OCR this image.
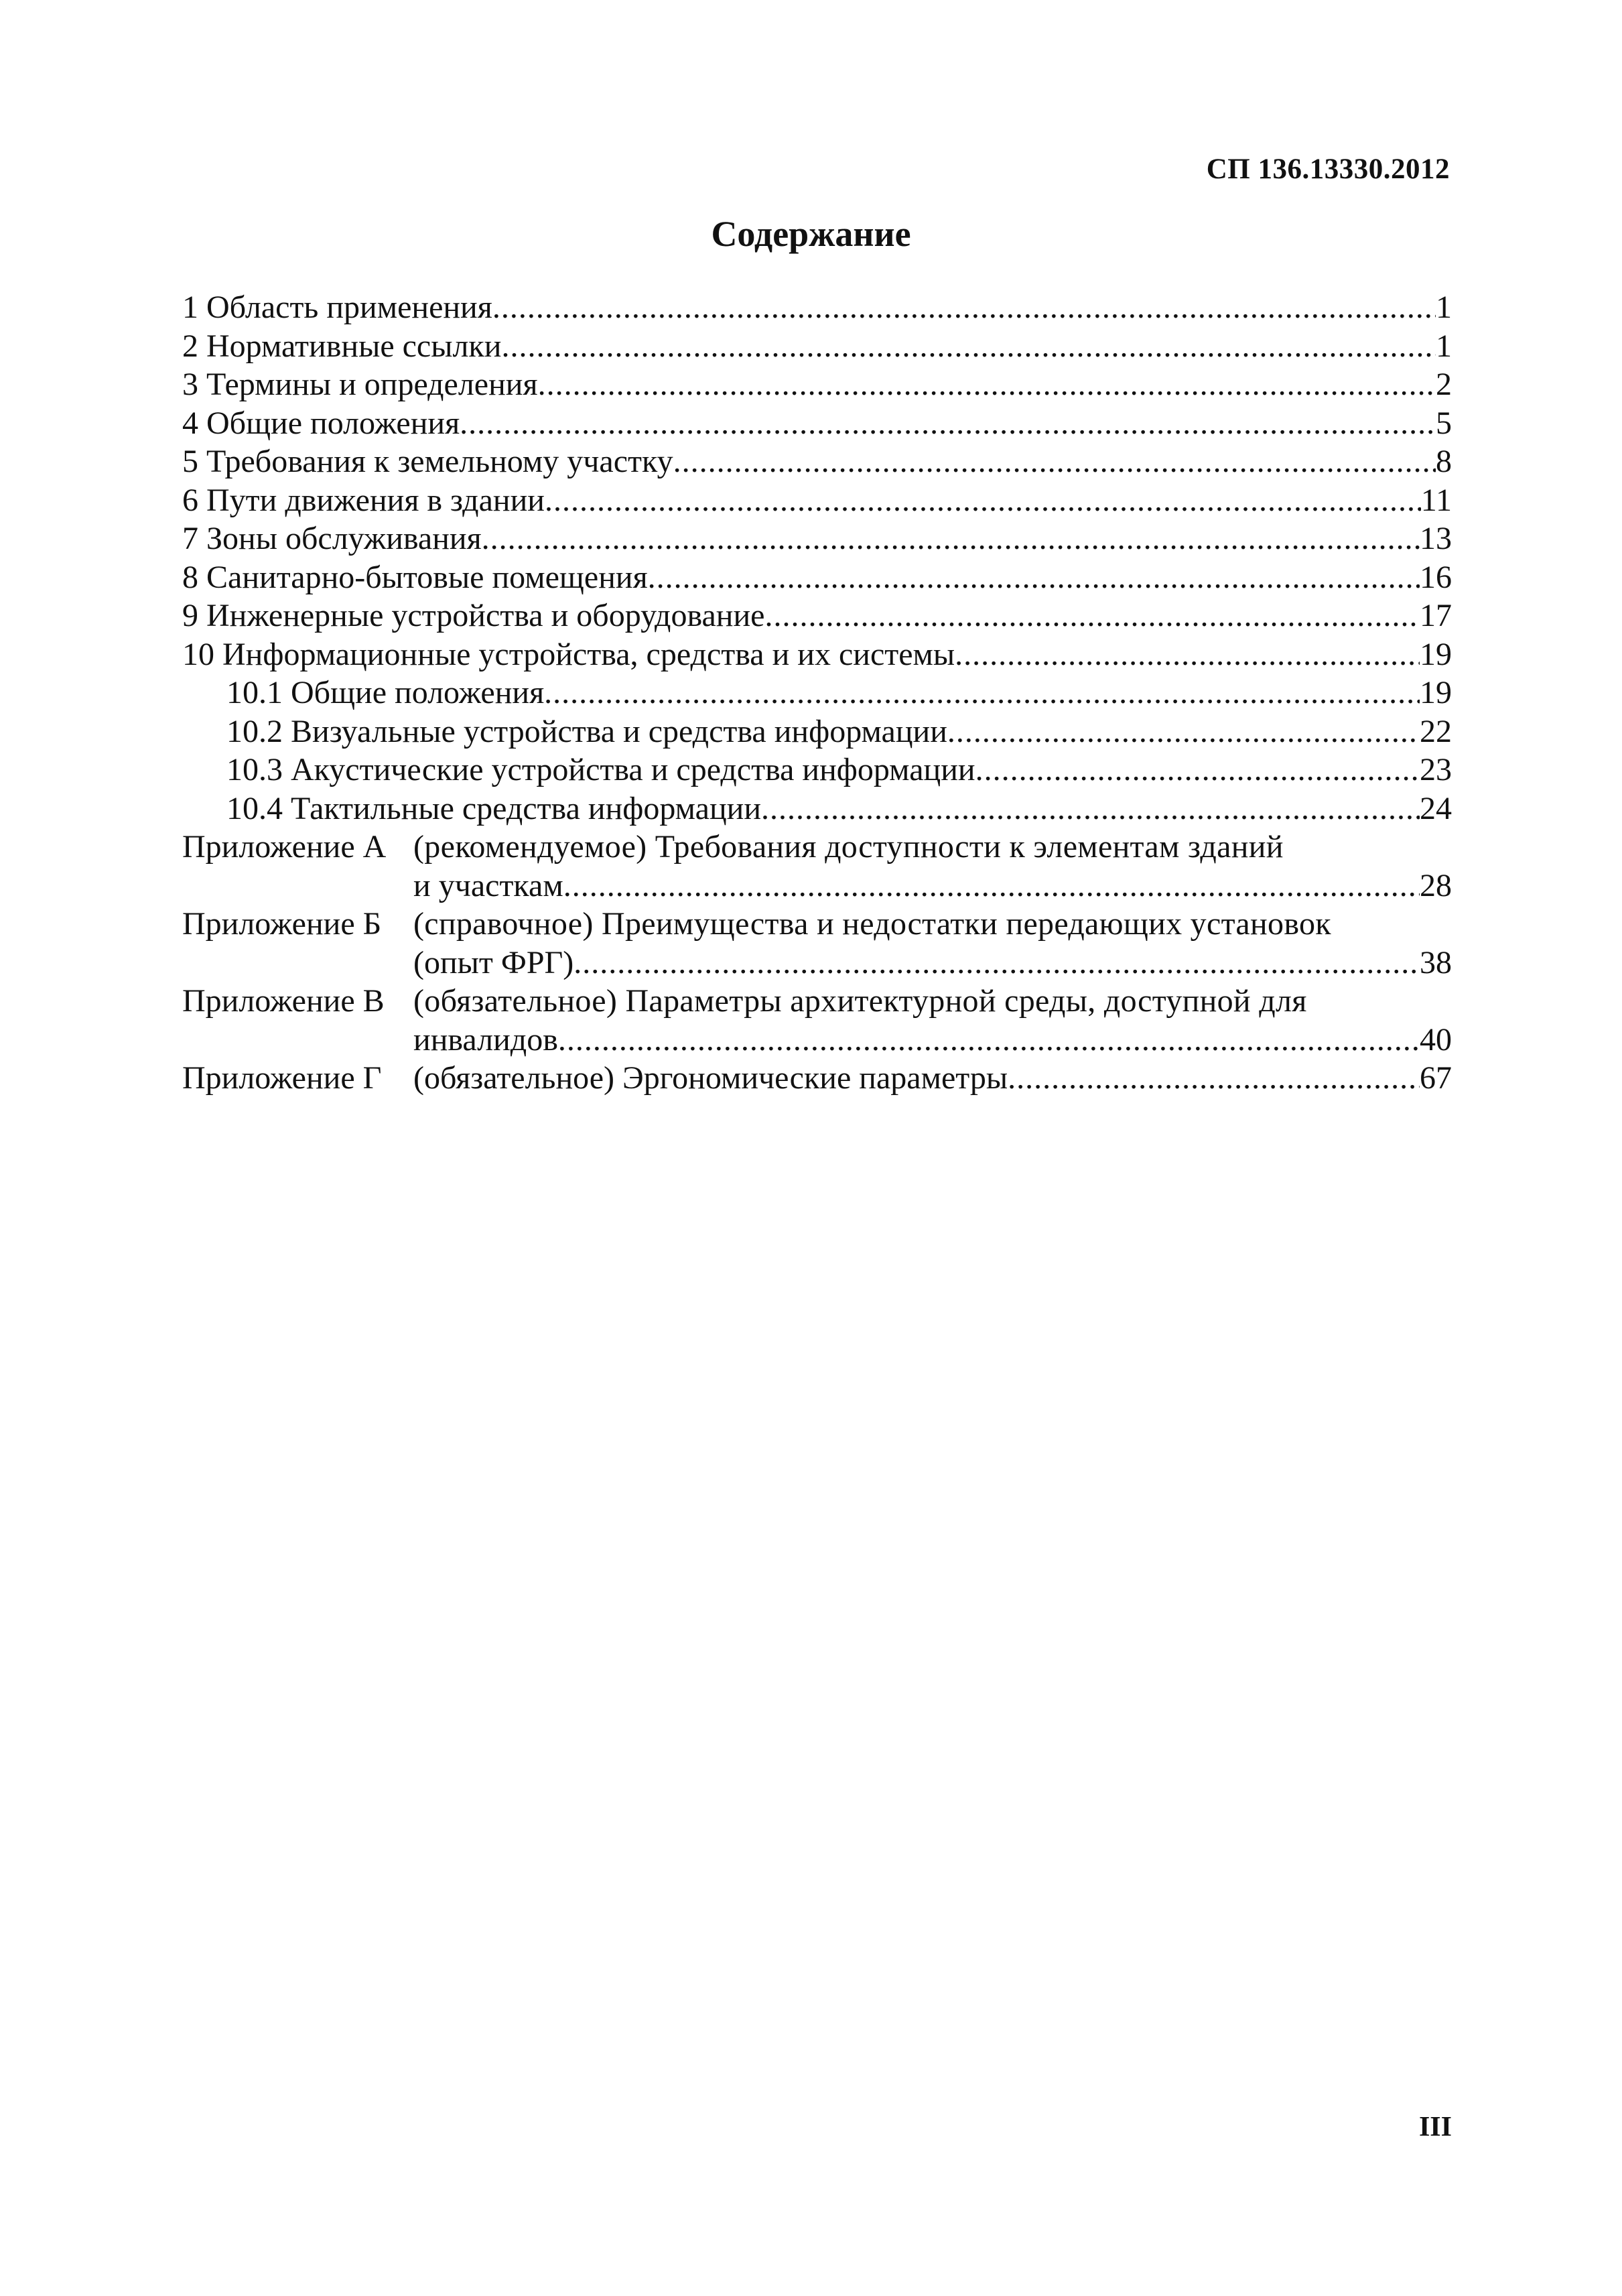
СП 136.13330.2012
Содержание
1 Область применения .....	1
2 Нормативные ссылки .....	1
3 Термины и определения .....	2
4 Общие положения .....	5
5 Требования к земельному участку .....	8
6 Пути движения в здании .....	11
7 Зоны обслуживания .....	13
8 Санитарно-бытовые помещения .....	16
9 Инженерные устройства и оборудование .....	17
10 Информационные устройства, средства и их системы .....	19
10.1 Общие положения .....	19
10.2 Визуальные устройства и средства информации .....	22
10.3 Акустические устройства и средства информации .....	23
10.4 Тактильные средства информации .....	24
Приложение А (рекомендуемое) Требования доступности к элементам зданий
и участкам .....	28
Приложение Б (справочное) Преимущества и недостатки передающих установок
(опыт ФРГ) .....	38
Приложение В (обязательное) Параметры архитектурной среды, доступной для
инвалидов .....	40
Приложение Г (обязательное) Эргономические параметры .....	67
III
